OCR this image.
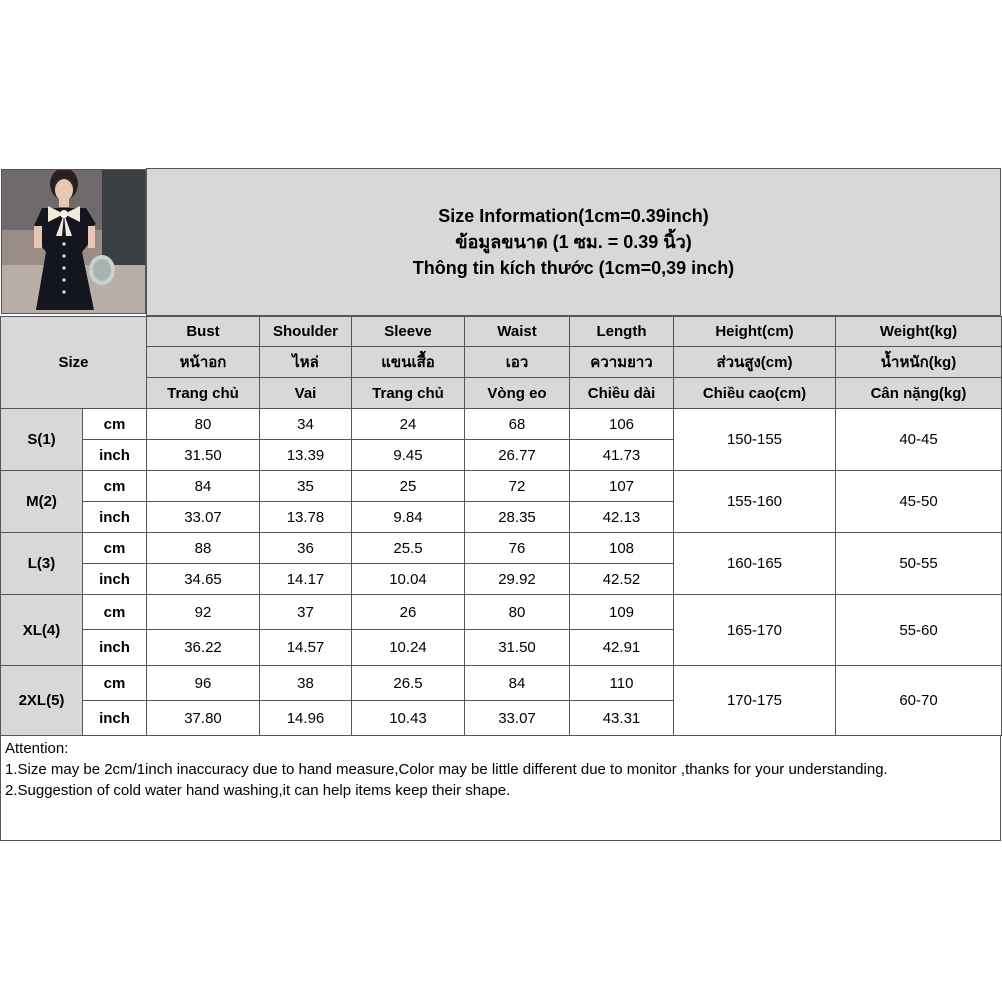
Size Information(1cm=0.39inch)
ข้อมูลขนาด (1 ซม. = 0.39 นิ้ว)
Thông tin kích thước (1cm=0,39 inch)
Size		Bust	Shoulder	Sleeve	Waist	Length	Height(cm)	Weight(kg)
		หน้าอก	ไหล่	แขนเสื้อ	เอว	ความยาว	ส่วนสูง(cm)	น้ำหนัก(kg)
		Trang chủ	Vai	Trang chủ	Vòng eo	Chiều dài	Chiều cao(cm)	Cân nặng(kg)
S(1)	cm	80	34	24	68	106	150-155	40-45
	inch	31.50	13.39	9.45	26.77	41.73		
M(2)	cm	84	35	25	72	107	155-160	45-50
	inch	33.07	13.78	9.84	28.35	42.13		
L(3)	cm	88	36	25.5	76	108	160-165	50-55
	inch	34.65	14.17	10.04	29.92	42.52		
XL(4)	cm	92	37	26	80	109	165-170	55-60
	inch	36.22	14.57	10.24	31.50	42.91		
2XL(5)	cm	96	38	26.5	84	110	170-175	60-70
	inch	37.80	14.96	10.43	33.07	43.31		
Attention:
1.Size may be 2cm/1inch inaccuracy due to hand measure,Color may be little different due to monitor ,thanks for your understanding.
2.Suggestion of cold water hand washing,it can help items keep their shape.
